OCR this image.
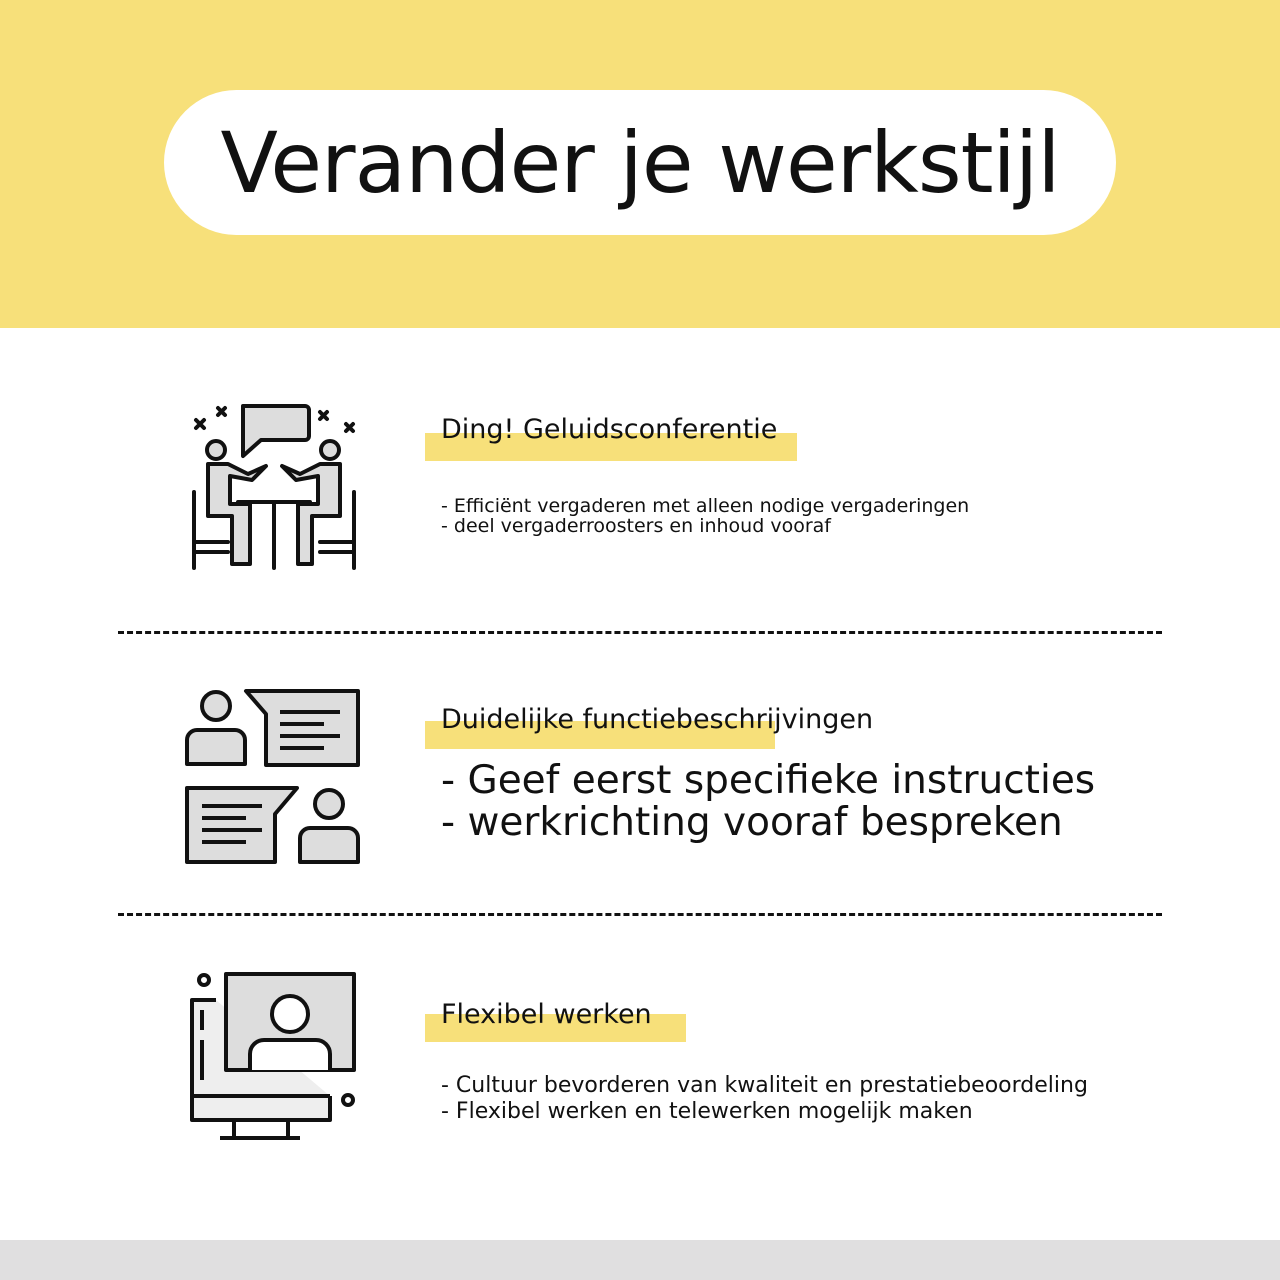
Verander je werkstijl
Ding! Geluidsconferentie
- Efficiënt vergaderen met alleen nodige vergaderingen
- deel vergaderroosters en inhoud vooraf
Duidelijke functiebeschrijvingen
- Geef eerst specifieke instructies
- werkrichting vooraf bespreken
Flexibel werken
- Cultuur bevorderen van kwaliteit en prestatiebeoordeling
- Flexibel werken en telewerken mogelijk maken
